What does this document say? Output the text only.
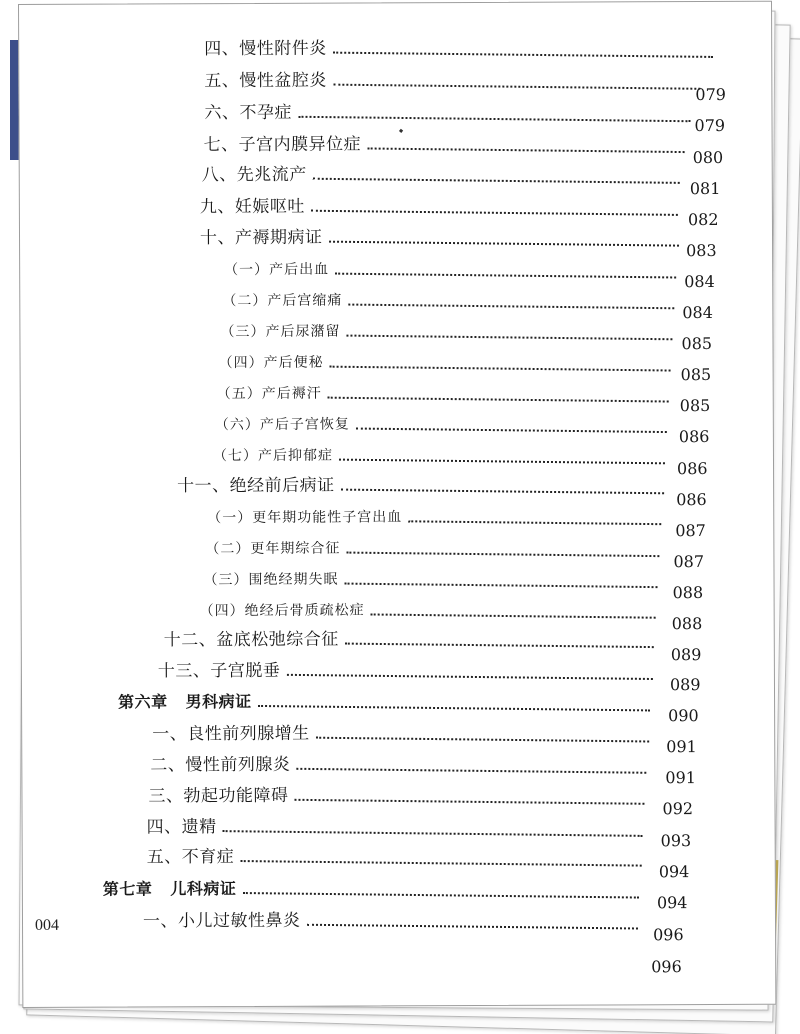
四、慢性附件炎
079
五、慢性盆腔炎
079
六、不孕症
080
七、子宫内膜异位症
081
八、先兆流产
082
九、妊娠呕吐
083
十、产褥期病证
084
（一）产后出血
084
（二）产后宫缩痛
085
（三）产后尿潴留
085
（四）产后便秘
085
（五）产后褥汗
086
（六）产后子宫恢复
086
（七）产后抑郁症
086
十一、绝经前后病证
087
（一）更年期功能性子宫出血
087
（二）更年期综合征
088
（三）围绝经期失眠
088
（四）绝经后骨质疏松症
089
十二、盆底松弛综合征
089
十三、子宫脱垂
090
第六章 男科病证
091
一、良性前列腺增生
091
二、慢性前列腺炎
092
三、勃起功能障碍
093
四、遗精
094
五、不育症
094
第七章 儿科病证
096
一、小儿过敏性鼻炎
096
004
